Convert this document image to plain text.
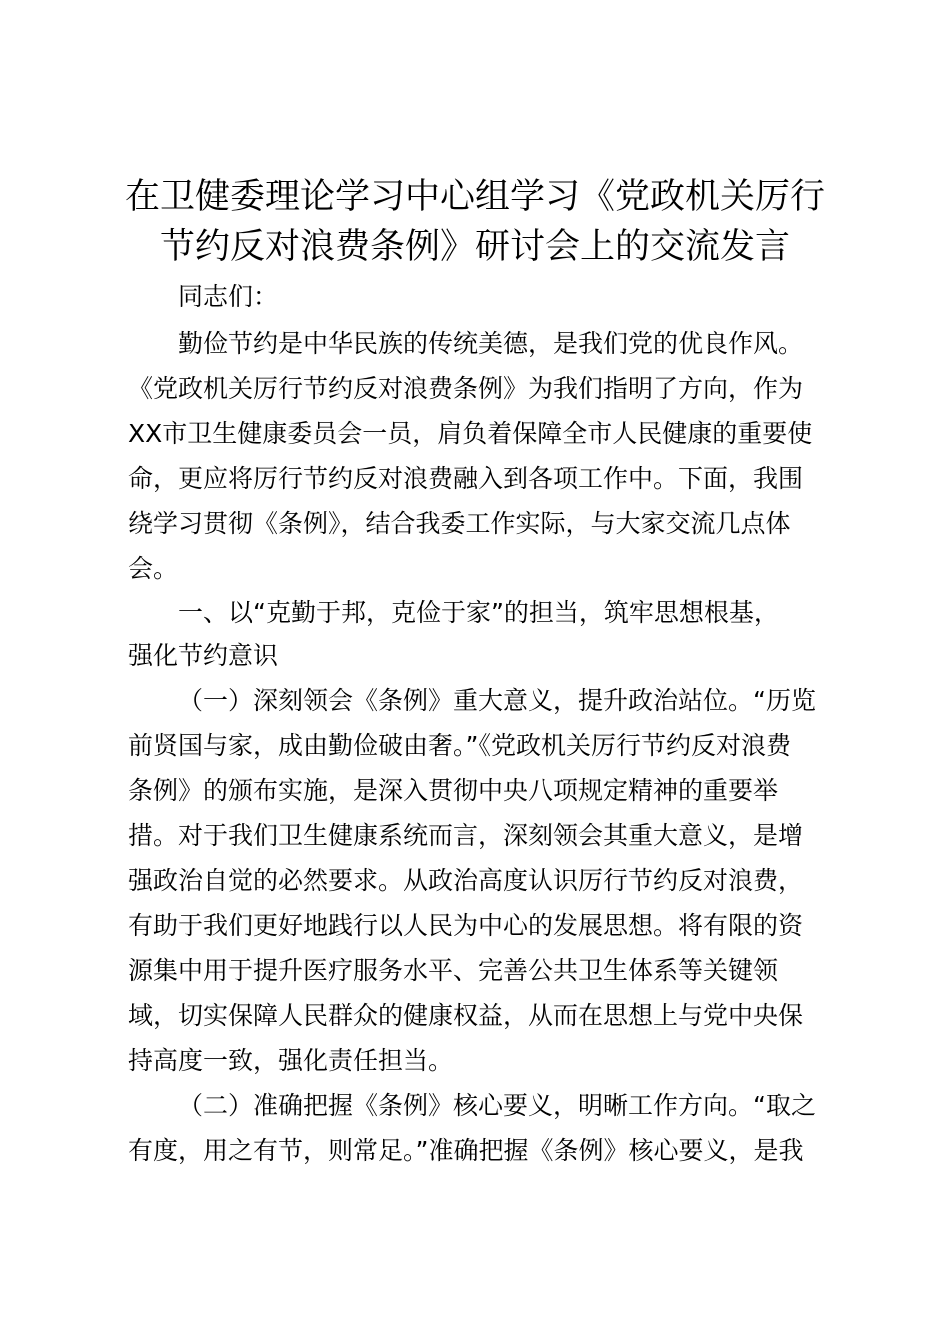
在卫健委理论学习中心组学习《党政机关厉行
节约反对浪费条例》研讨会上的交流发言

同志们：

勤俭节约是中华民族的传统美德，是我们党的优良作风。

《党政机关厉行节约反对浪费条例》为我们指明了方向，作为

XX市卫生健康委员会一员，肩负着保障全市人民健康的重要使

命，更应将厉行节约反对浪费融入到各项工作中。下面，我围

绕学习贯彻《条例》，结合我委工作实际，与大家交流几点体

会。

一、以“克勤于邦，克俭于家”的担当，筑牢思想根基，

强化节约意识

（一）深刻领会《条例》重大意义，提升政治站位。“历览

前贤国与家，成由勤俭破由奢。”《党政机关厉行节约反对浪费

条例》的颁布实施，是深入贯彻中央八项规定精神的重要举

措。对于我们卫生健康系统而言，深刻领会其重大意义，是增

强政治自觉的必然要求。从政治高度认识厉行节约反对浪费，

有助于我们更好地践行以人民为中心的发展思想。将有限的资

源集中用于提升医疗服务水平、完善公共卫生体系等关键领

域，切实保障人民群众的健康权益，从而在思想上与党中央保

持高度一致，强化责任担当。

（二）准确把握《条例》核心要义，明晰工作方向。“取之

有度，用之有节，则常足。”准确把握《条例》核心要义，是我
